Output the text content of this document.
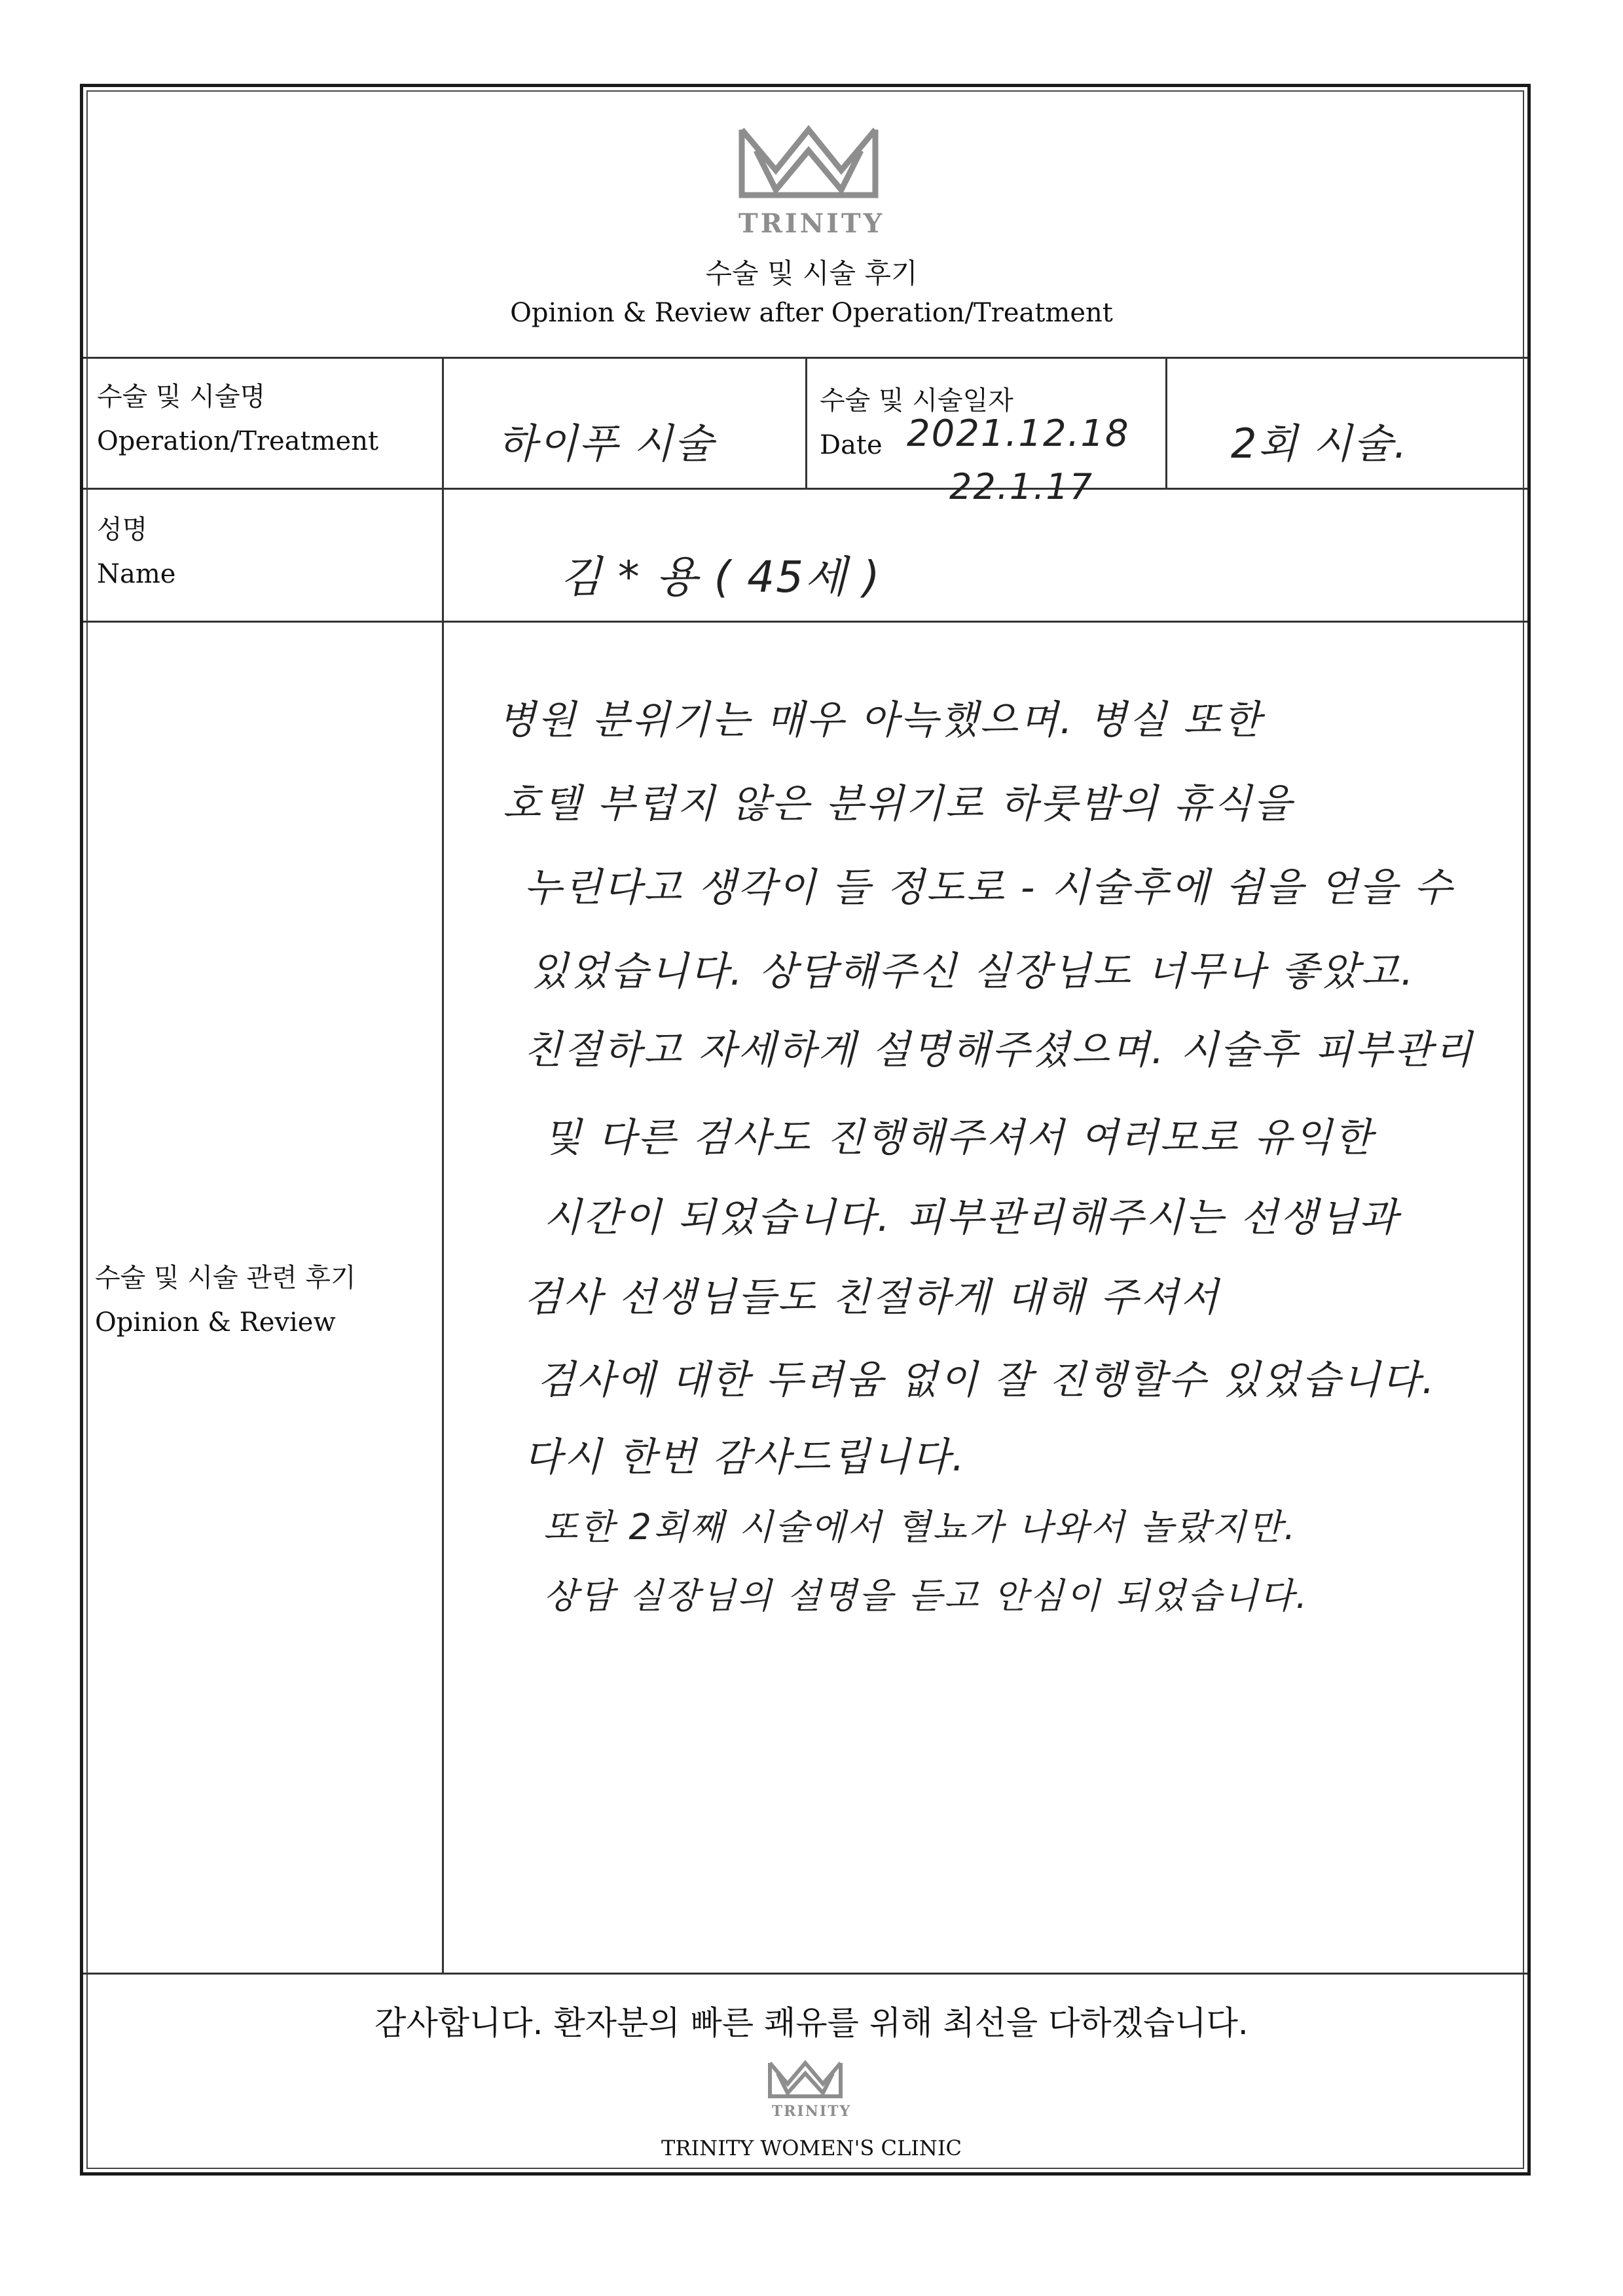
TRINITY
수술 및 시술 후기
Opinion & Review after Operation/Treatment
수술 및 시술명
Operation/Treatment	하이푸 시술
수술 및 시술일자
Date 2021.12.18
22.1.17
2회 시술.
성명
Name	김 * 용 ( 45세 )
수술 및 시술 관련 후기
Opinion & Review
병원 분위기는 매우 아늑했으며. 병실 또한
호텔 부럽지 않은 분위기로 하룻밤의 휴식을
누린다고 생각이 들 정도로 - 시술후에 쉼을 얻을 수
있었습니다. 상담해주신 실장님도 너무나 좋았고.
친절하고 자세하게 설명해주셨으며. 시술후 피부관리
및 다른 검사도 진행해주셔서 여러모로 유익한
시간이 되었습니다. 피부관리해주시는 선생님과
검사 선생님들도 친절하게 대해 주셔서
검사에 대한 두려움 없이 잘 진행할수 있었습니다.
다시 한번 감사드립니다.
또한 2회째 시술에서 혈뇨가 나와서 놀랐지만.
상담 실장님의 설명을 듣고 안심이 되었습니다.
감사합니다. 환자분의 빠른 쾌유를 위해 최선을 다하겠습니다.
TRINITY
TRINITY WOMEN'S CLINIC
